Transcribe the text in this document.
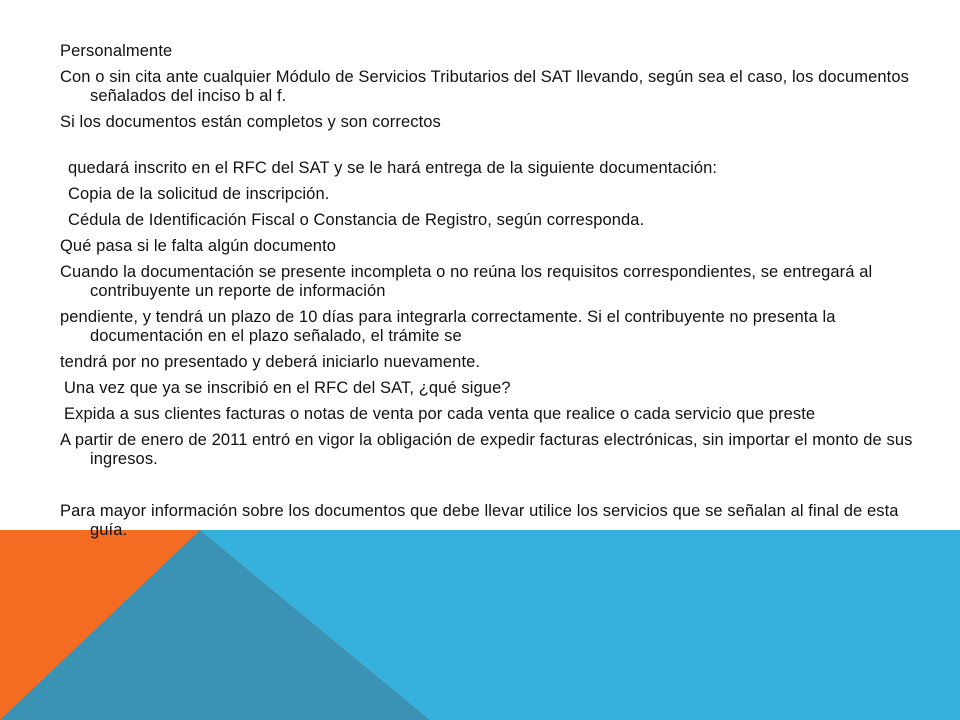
Personalmente

Con o sin cita ante cualquier Módulo de Servicios Tributarios del SAT llevando, según sea el caso, los documentos señalados del inciso b al f.

Si los documentos están completos y son correctos

quedará inscrito en el RFC del SAT y se le hará entrega de la siguiente documentación:

Copia de la solicitud de inscripción.

Cédula de Identificación Fiscal o Constancia de Registro, según corresponda.

Qué pasa si le falta algún documento

Cuando la documentación se presente incompleta o no reúna los requisitos correspondientes, se entregará al contribuyente un reporte de información

pendiente, y tendrá un plazo de 10 días para integrarla correctamente. Si el contribuyente no presenta la documentación en el plazo señalado, el trámite se

tendrá por no presentado y deberá iniciarlo nuevamente.

Una vez que ya se inscribió en el RFC del SAT, ¿qué sigue?

Expida a sus clientes facturas o notas de venta por cada venta que realice o cada servicio que preste

A partir de enero de 2011 entró en vigor la obligación de expedir facturas electrónicas, sin importar el monto de sus ingresos.

Para mayor información sobre los documentos que debe llevar utilice los servicios que se señalan al final de esta guía.
